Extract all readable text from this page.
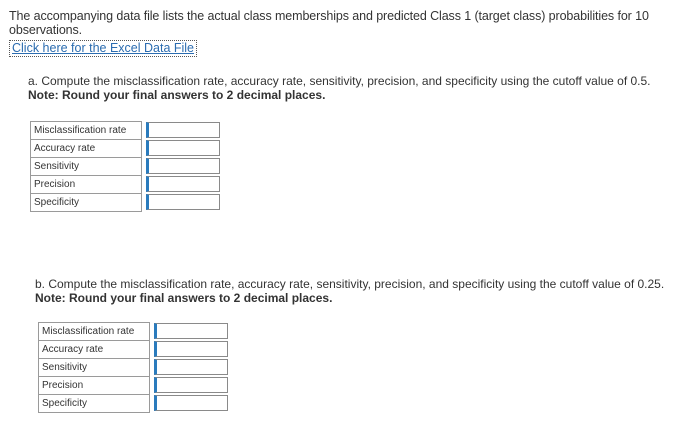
The accompanying data file lists the actual class memberships and predicted Class 1 (target class) probabilities for 10 observations.
Click here for the Excel Data File
a. Compute the misclassification rate, accuracy rate, sensitivity, precision, and specificity using the cutoff value of 0.5.
Note: Round your final answers to 2 decimal places.
Misclassification rate	

Accuracy rate	

Sensitivity	

Precision	

Specificity	
b. Compute the misclassification rate, accuracy rate, sensitivity, precision, and specificity using the cutoff value of 0.25.
Note: Round your final answers to 2 decimal places.
Misclassification rate	

Accuracy rate	

Sensitivity	

Precision	

Specificity	
